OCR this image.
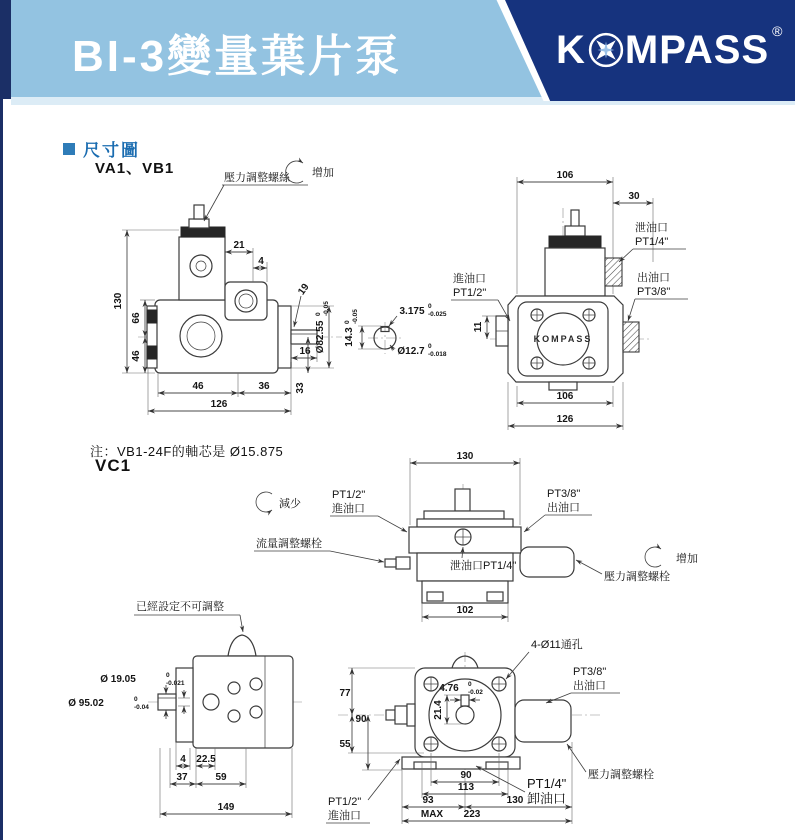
BI-3變量葉片泵	K MPASS ®
尺寸圖
VA1、VB1
注：VB1-24F的軸芯是 Ø15.875
VC1
壓力調整螺絲 增加
130
66
46
21
4
19
Ø82.55
0 -0.05
16
33
46	36
126
14.3
0 -0.05	3.175 0
-0.025
Ø12.7 0
-0.018
106
30
KOMPASS
11
106
126
泄油口
PT1/4"
進油口
PT1/2"
出油口
PT3/8"
130
102
減少
PT1/2"
進油口
流量調整螺栓
泄油口PT1/4"
PT3/8"
出油口
壓力調整螺栓
增加
已經設定不可調整
Ø 19.05	0
-0.021
Ø 95.02	0
-0.04
4 22.5
37	59
149
4.76 0
-0.02
21.4
77
55
90
90
113
93	130
MAX 223
4-Ø11通孔
PT3/8"
出油口
壓力調整螺栓
PT1/2"
進油口
PT1/4"
卸油口
